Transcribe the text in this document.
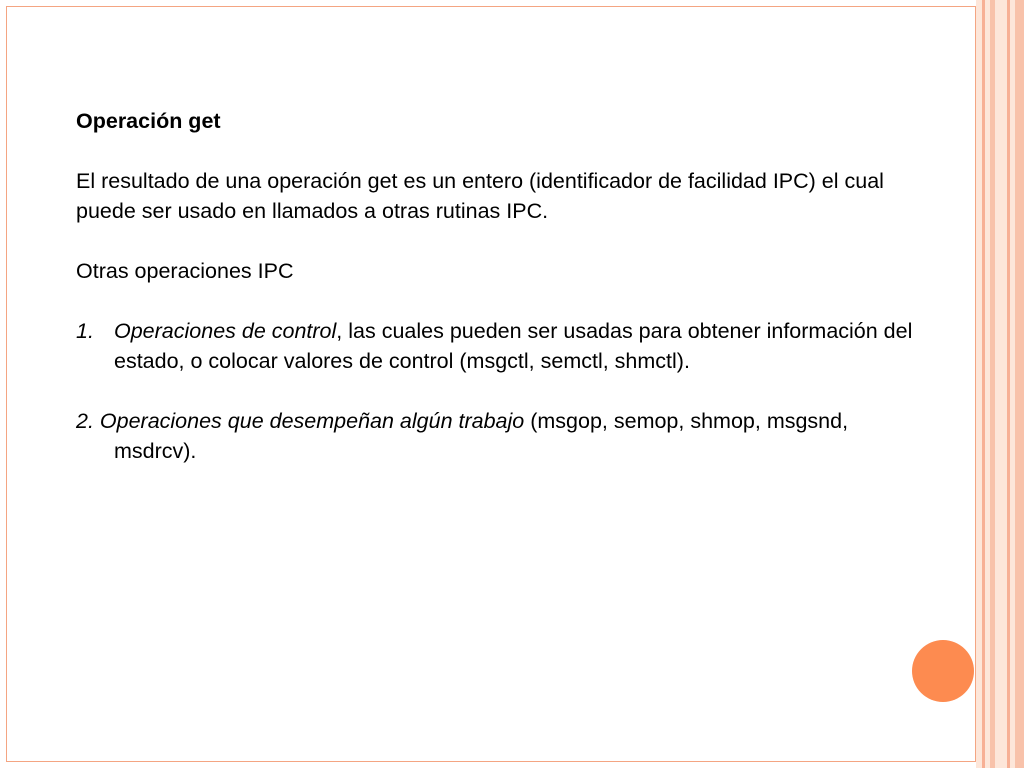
Operación get

El resultado de una operación get es un entero (identificador de facilidad IPC) el cual puede ser usado en llamados a otras rutinas IPC.

Otras operaciones IPC

1. Operaciones de control, las cuales pueden ser usadas para obtener información del estado, o colocar valores de control (msgctl, semctl, shmctl).

2. Operaciones que desempeñan algún trabajo (msgop, semop, shmop, msgsnd, msdrcv).
